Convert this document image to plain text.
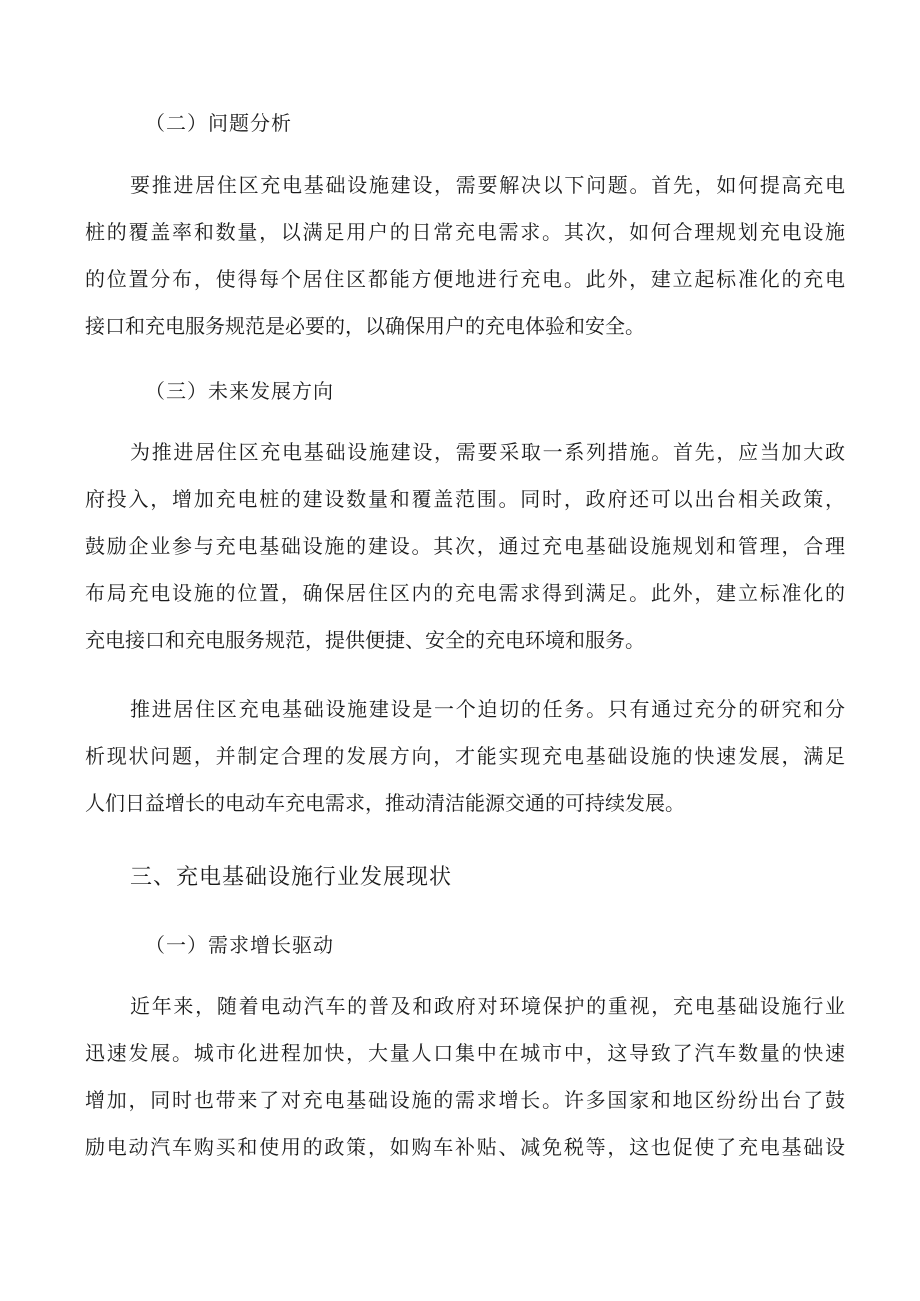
（二）问题分析
要推进居住区充电基础设施建设，需要解决以下问题。首先，如何提高充电
桩的覆盖率和数量，以满足用户的日常充电需求。其次，如何合理规划充电设施
的位置分布，使得每个居住区都能方便地进行充电。此外，建立起标准化的充电
接口和充电服务规范是必要的，以确保用户的充电体验和安全。
（三）未来发展方向
为推进居住区充电基础设施建设，需要采取一系列措施。首先，应当加大政
府投入，增加充电桩的建设数量和覆盖范围。同时，政府还可以出台相关政策，
鼓励企业参与充电基础设施的建设。其次，通过充电基础设施规划和管理，合理
布局充电设施的位置，确保居住区内的充电需求得到满足。此外，建立标准化的
充电接口和充电服务规范，提供便捷、安全的充电环境和服务。
推进居住区充电基础设施建设是一个迫切的任务。只有通过充分的研究和分
析现状问题，并制定合理的发展方向，才能实现充电基础设施的快速发展，满足
人们日益增长的电动车充电需求，推动清洁能源交通的可持续发展。
三、充电基础设施行业发展现状
（一）需求增长驱动
近年来，随着电动汽车的普及和政府对环境保护的重视，充电基础设施行业
迅速发展。城市化进程加快，大量人口集中在城市中，这导致了汽车数量的快速
增加，同时也带来了对充电基础设施的需求增长。许多国家和地区纷纷出台了鼓
励电动汽车购买和使用的政策，如购车补贴、减免税等，这也促使了充电基础设
